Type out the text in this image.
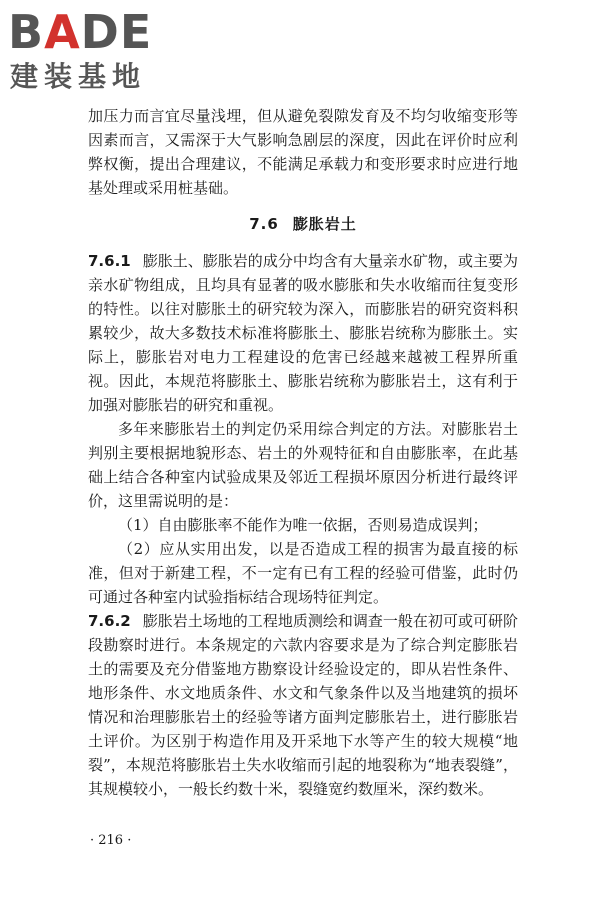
BADE
建装基地

加压力而言宜尽量浅埋，但从避免裂隙发育及不均匀收缩变形等因素而言，又需深于大气影响急剧层的深度，因此在评价时应利弊权衡，提出合理建议，不能满足承载力和变形要求时应进行地基处理或采用桩基础。

7.6 膨胀岩土

7.6.1 膨胀土、膨胀岩的成分中均含有大量亲水矿物，或主要为亲水矿物组成，且均具有显著的吸水膨胀和失水收缩而往复变形的特性。以往对膨胀土的研究较为深入，而膨胀岩的研究资料积累较少，故大多数技术标准将膨胀土、膨胀岩统称为膨胀土。实际上，膨胀岩对电力工程建设的危害已经越来越被工程界所重视。因此，本规范将膨胀土、膨胀岩统称为膨胀岩土，这有利于加强对膨胀岩的研究和重视。

多年来膨胀岩土的判定仍采用综合判定的方法。对膨胀岩土判别主要根据地貌形态、岩土的外观特征和自由膨胀率，在此基础上结合各种室内试验成果及邻近工程损坏原因分析进行最终评价，这里需说明的是：

（1）自由膨胀率不能作为唯一依据，否则易造成误判；

（2）应从实用出发，以是否造成工程的损害为最直接的标准，但对于新建工程，不一定有已有工程的经验可借鉴，此时仍可通过各种室内试验指标结合现场特征判定。

7.6.2 膨胀岩土场地的工程地质测绘和调查一般在初可或可研阶段勘察时进行。本条规定的六款内容要求是为了综合判定膨胀岩土的需要及充分借鉴地方勘察设计经验设定的，即从岩性条件、地形条件、水文地质条件、水文和气象条件以及当地建筑的损坏情况和治理膨胀岩土的经验等诸方面判定膨胀岩土，进行膨胀岩土评价。为区别于构造作用及开采地下水等产生的较大规模“地裂”，本规范将膨胀岩土失水收缩而引起的地裂称为“地表裂缝”，其规模较小，一般长约数十米，裂缝宽约数厘米，深约数米。

· 216 ·
